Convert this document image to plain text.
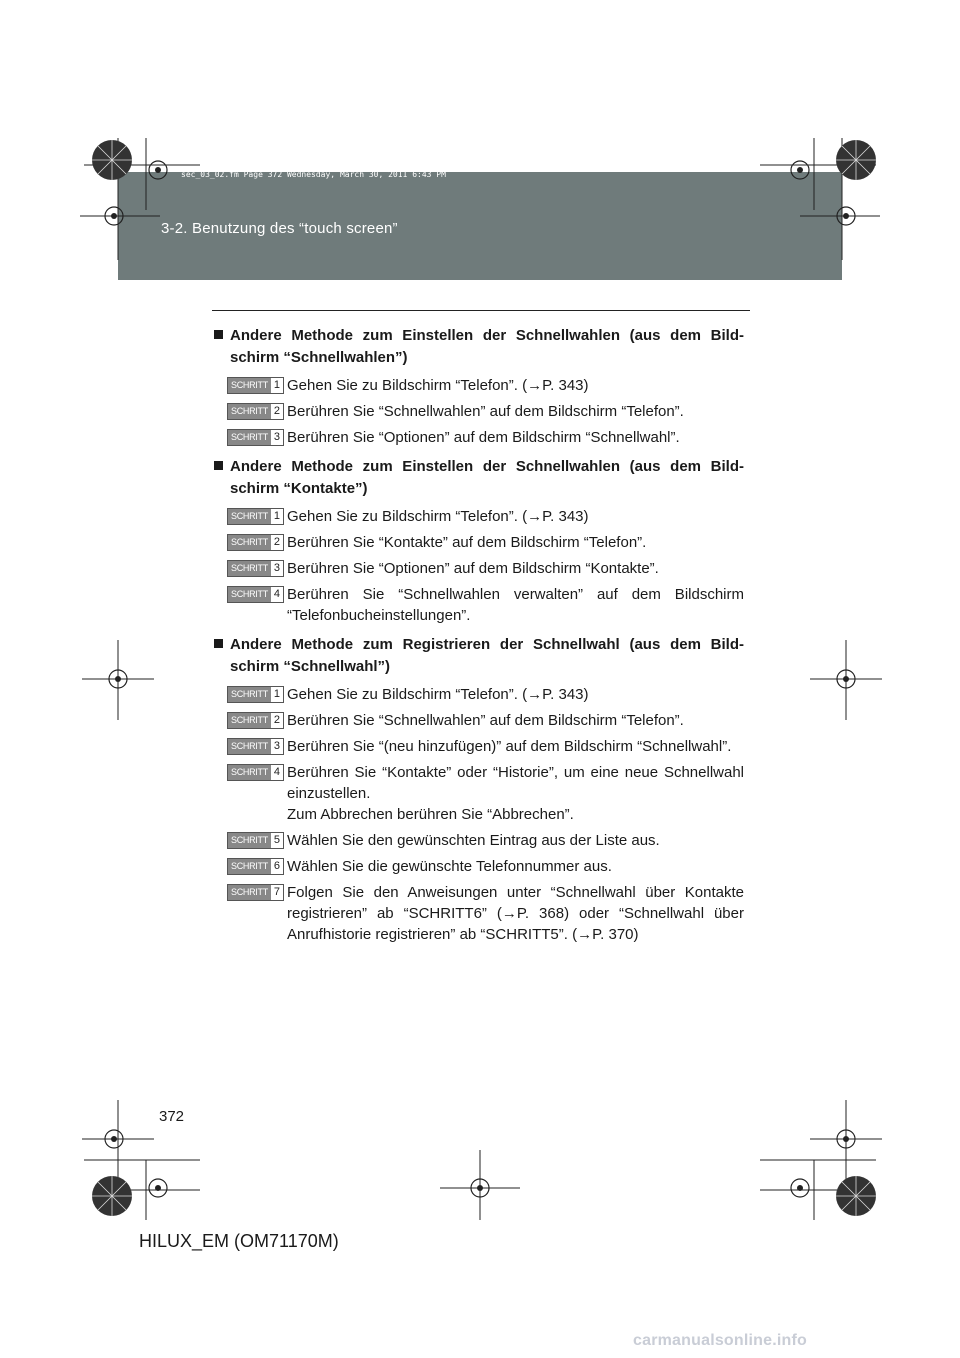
sec_03_02.fm Page 372 Wednesday, March 30, 2011 6:43 PM
3-2. Benutzung des “touch screen”
Andere Methode zum Einstellen der Schnellwahlen (aus dem Bild-schirm “Schnellwahlen”)
SCHRITT 1 Gehen Sie zu Bildschirm “Telefon”. (→P. 343)
SCHRITT 2 Berühren Sie “Schnellwahlen” auf dem Bildschirm “Telefon”.
SCHRITT 3 Berühren Sie “Optionen” auf dem Bildschirm “Schnellwahl”.
Andere Methode zum Einstellen der Schnellwahlen (aus dem Bild-schirm “Kontakte”)
SCHRITT 1 Gehen Sie zu Bildschirm “Telefon”. (→P. 343)
SCHRITT 2 Berühren Sie “Kontakte” auf dem Bildschirm “Telefon”.
SCHRITT 3 Berühren Sie “Optionen” auf dem Bildschirm “Kontakte”.
SCHRITT 4 Berühren Sie “Schnellwahlen verwalten” auf dem Bildschirm “Telefonbucheinstellungen”.
Andere Methode zum Registrieren der Schnellwahl (aus dem Bild-schirm “Schnellwahl”)
SCHRITT 1 Gehen Sie zu Bildschirm “Telefon”. (→P. 343)
SCHRITT 2 Berühren Sie “Schnellwahlen” auf dem Bildschirm “Telefon”.
SCHRITT 3 Berühren Sie “(neu hinzufügen)” auf dem Bildschirm “Schnellwahl”.
SCHRITT 4 Berühren Sie “Kontakte” oder “Historie”, um eine neue Schnellwahl einzustellen.
Zum Abbrechen berühren Sie “Abbrechen”.
SCHRITT 5 Wählen Sie den gewünschten Eintrag aus der Liste aus.
SCHRITT 6 Wählen Sie die gewünschte Telefonnummer aus.
SCHRITT 7 Folgen Sie den Anweisungen unter “Schnellwahl über Kontakte registrieren” ab “SCHRITT6” (→P. 368) oder “Schnellwahl über Anrufhistorie registrieren” ab “SCHRITT5”. (→P. 370)
372
HILUX_EM (OM71170M)
carmanualsonline.info
